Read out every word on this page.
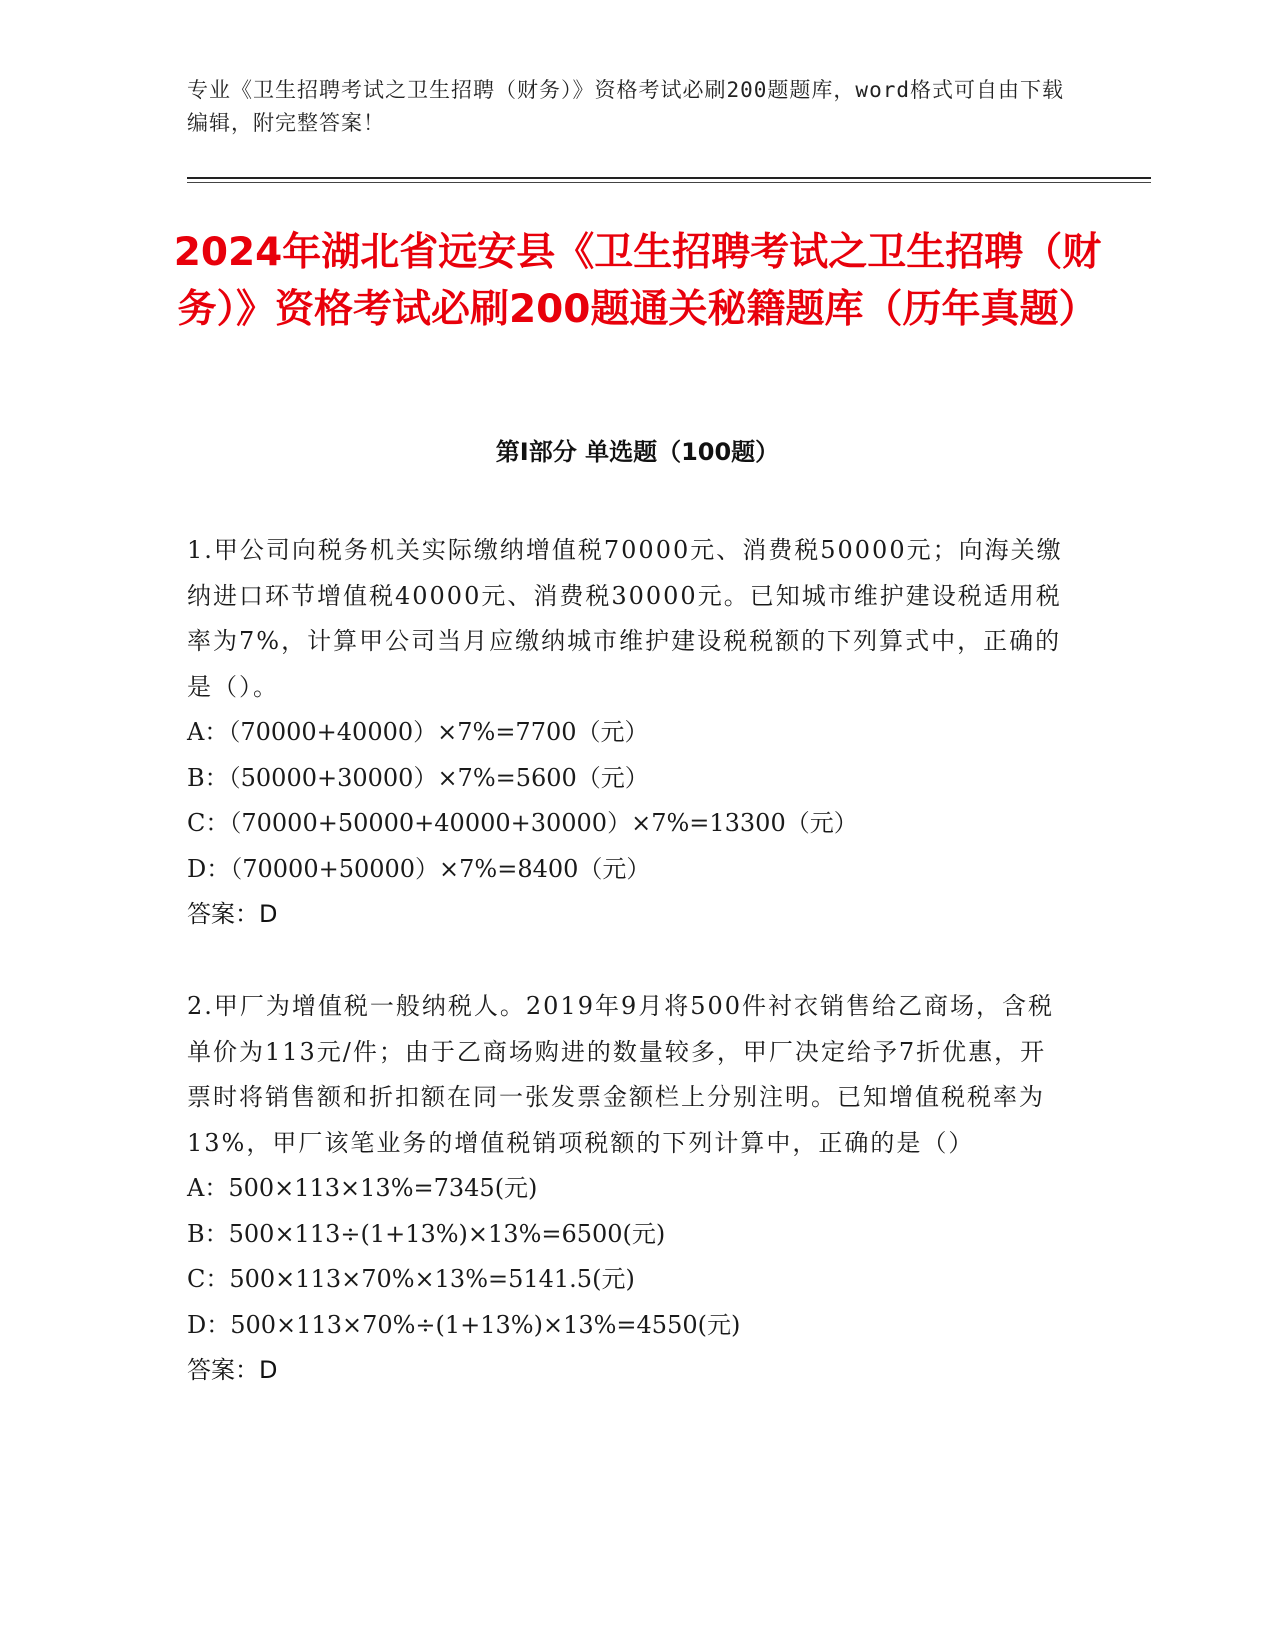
专业《卫生招聘考试之卫生招聘（财务）》资格考试必刷200题题库，word格式可自由下载编辑，附完整答案！
2024年湖北省远安县《卫生招聘考试之卫生招聘（财务）》资格考试必刷200题通关秘籍题库（历年真题）
第I部分 单选题（100题）
1.甲公司向税务机关实际缴纳增值税70000元、消费税50000元；向海关缴纳进口环节增值税40000元、消费税30000元。已知城市维护建设税适用税率为7%，计算甲公司当月应缴纳城市维护建设税税额的下列算式中，正确的是（）。
A：（70000+40000）×7%=7700（元）
B：（50000+30000）×7%=5600（元）
C：（70000+50000+40000+30000）×7%=13300（元）
D：（70000+50000）×7%=8400（元）
答案：D
2.甲厂为增值税一般纳税人。2019年9月将500件衬衣销售给乙商场，含税单价为113元/件；由于乙商场购进的数量较多，甲厂决定给予7折优惠，开票时将销售额和折扣额在同一张发票金额栏上分别注明。已知增值税税率为13%，甲厂该笔业务的增值税销项税额的下列计算中，正确的是（）
A：500×113×13%=7345(元)
B：500×113÷(1+13%)×13%=6500(元)
C：500×113×70%×13%=5141.5(元)
D：500×113×70%÷(1+13%)×13%=4550(元)
答案：D
